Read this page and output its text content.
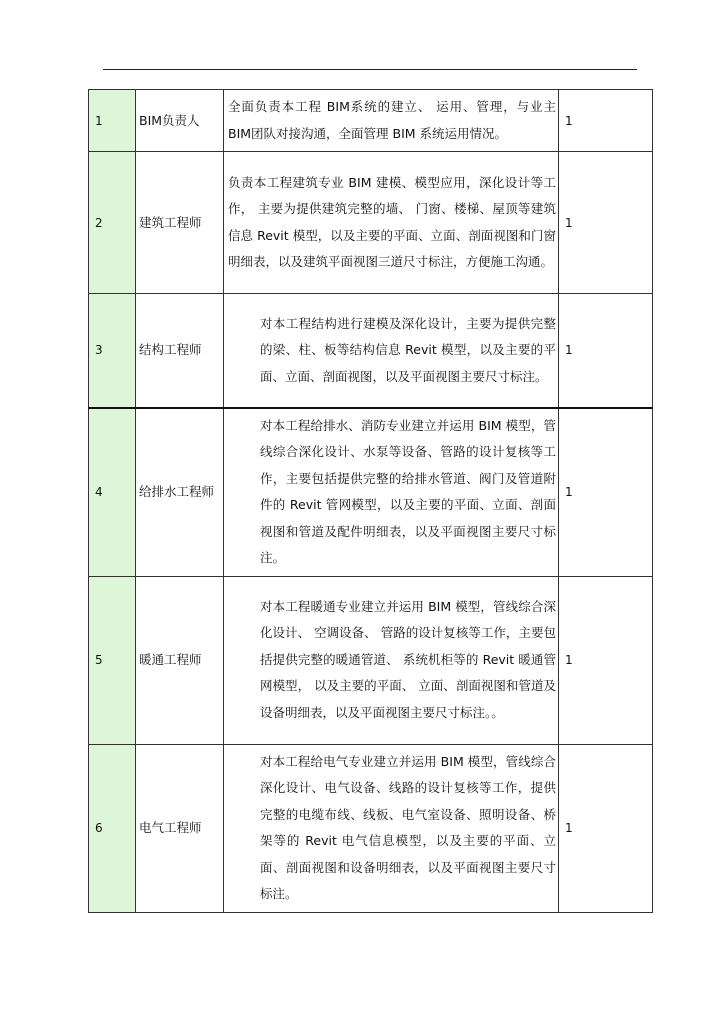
1	BIM负责人	全面负责本工程 BIM系统的建立、 运用、管理，与业主 BIM团队对接沟通，全面管理 BIM 系统运用情况。	1
2	建筑工程师	负责本工程建筑专业 BIM 建模、模型应用，深化设计等工作， 主要为提供建筑完整的墙、 门窗、楼梯、屋顶等建筑信息 Revit 模型，以及主要的平面、立面、剖面视图和门窗明细表，以及建筑平面视图三道尺寸标注，方便施工沟通。	1
3	结构工程师	对本工程结构进行建模及深化设计，主要为提供完整的梁、柱、板等结构信息 Revit 模型，以及主要的平面、立面、剖面视图，以及平面视图主要尺寸标注。	1
4	给排水工程师	对本工程给排水、消防专业建立并运用 BIM 模型，管线综合深化设计、水泵等设备、管路的设计复核等工作，主要包括提供完整的给排水管道、阀门及管道附件的 Revit 管网模型，以及主要的平面、立面、剖面视图和管道及配件明细表，以及平面视图主要尺寸标注。	1
5	暖通工程师	对本工程暖通专业建立并运用 BIM 模型，管线综合深化设计、 空调设备、 管路的设计复核等工作，主要包括提供完整的暖通管道、 系统机柜等的 Revit 暖通管网模型， 以及主要的平面、 立面、剖面视图和管道及设备明细表，以及平面视图主要尺寸标注。。	1
6	电气工程师	对本工程给电气专业建立并运用 BIM 模型，管线综合深化设计、电气设备、线路的设计复核等工作，提供完整的电缆布线、线板、电气室设备、照明设备、桥架等的 Revit 电气信息模型，以及主要的平面、立面、剖面视图和设备明细表，以及平面视图主要尺寸标注。	1
